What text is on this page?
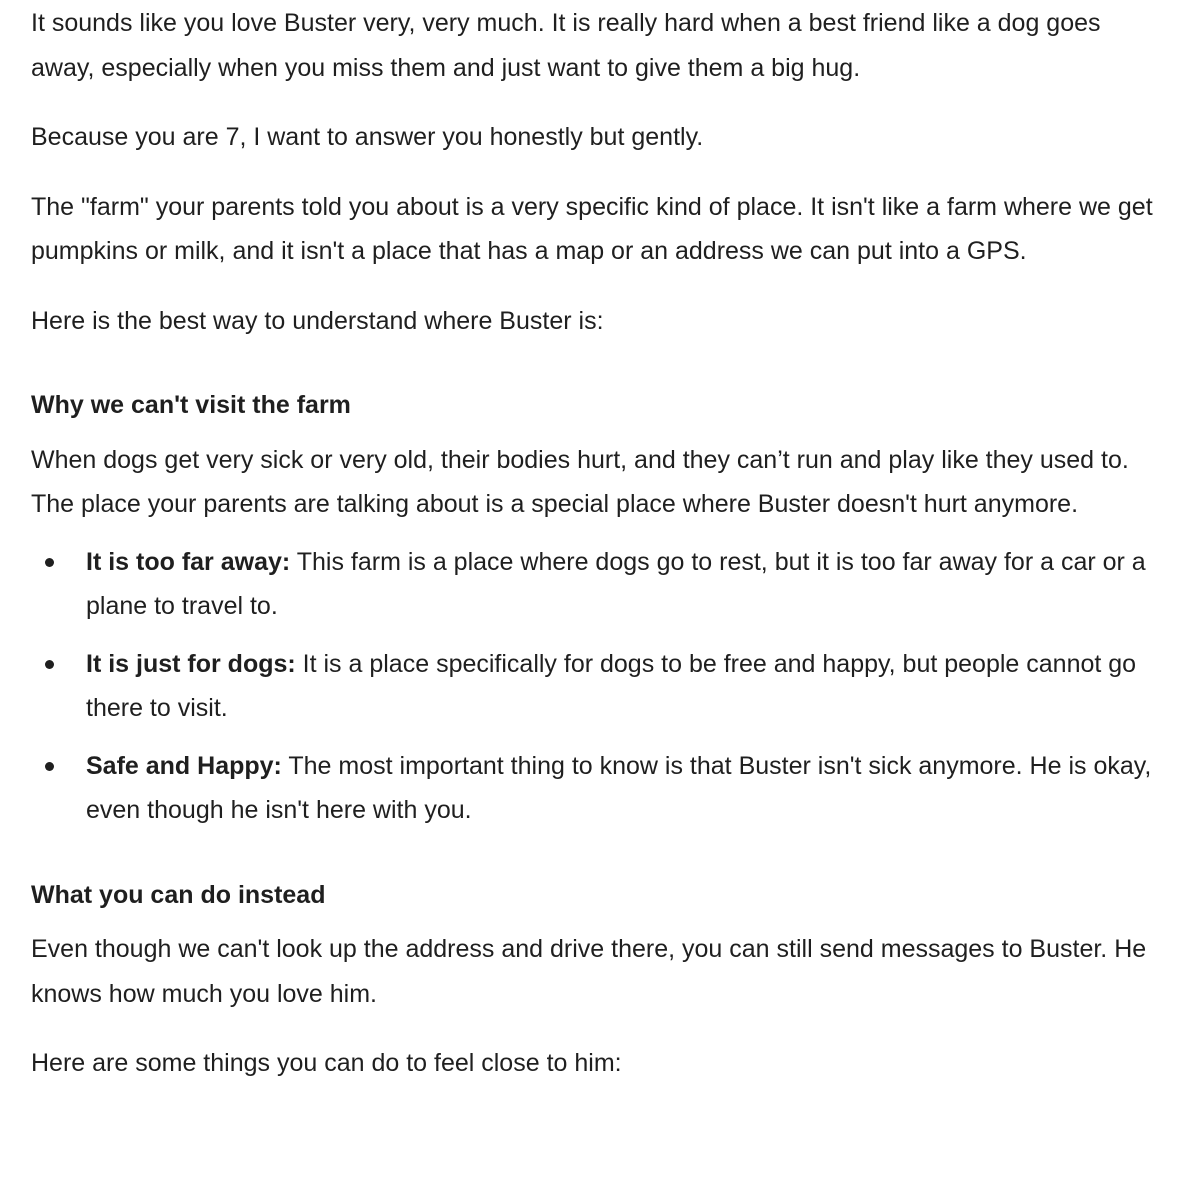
It sounds like you love Buster very, very much. It is really hard when a best friend like a dog goes away, especially when you miss them and just want to give them a big hug.

Because you are 7, I want to answer you honestly but gently.

The "farm" your parents told you about is a very specific kind of place. It isn't like a farm where we get pumpkins or milk, and it isn't a place that has a map or an address we can put into a GPS.

Here is the best way to understand where Buster is:

Why we can't visit the farm

When dogs get very sick or very old, their bodies hurt, and they can’t run and play like they used to. The place your parents are talking about is a special place where Buster doesn't hurt anymore.

It is too far away: This farm is a place where dogs go to rest, but it is too far away for a car or a plane to travel to.
It is just for dogs: It is a place specifically for dogs to be free and happy, but people cannot go there to visit.
Safe and Happy: The most important thing to know is that Buster isn't sick anymore. He is okay, even though he isn't here with you.
What you can do instead

Even though we can't look up the address and drive there, you can still send messages to Buster. He knows how much you love him.

Here are some things you can do to feel close to him:
